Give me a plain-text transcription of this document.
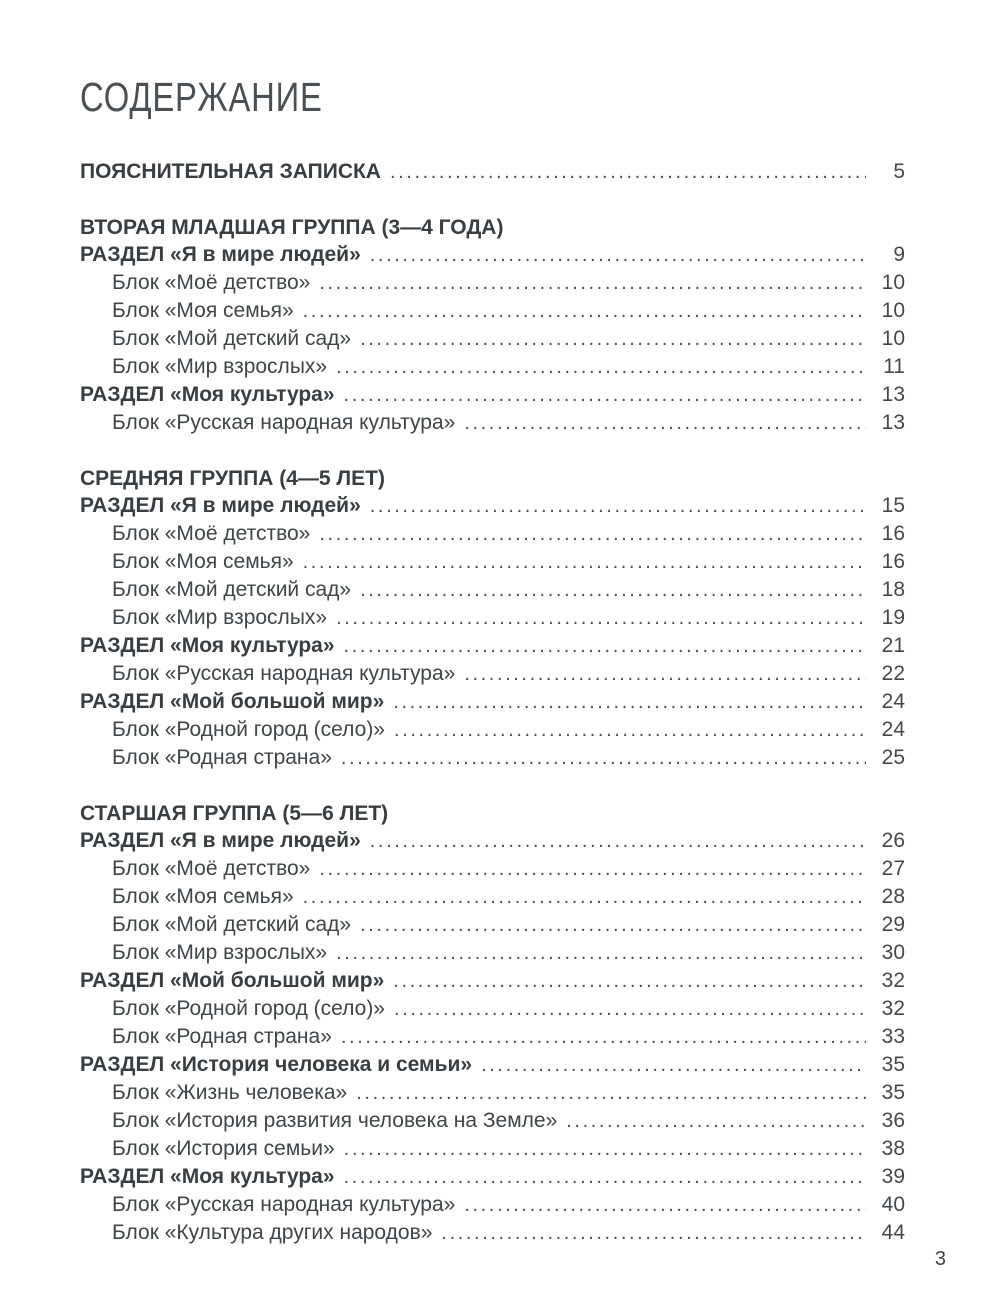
СОДЕРЖАНИЕ
ПОЯСНИТЕЛЬНАЯ ЗАПИСКА .....	5
ВТОРАЯ МЛАДШАЯ ГРУППА (3—4 ГОДА)
РАЗДЕЛ «Я в мире людей» .....	9
Блок «Моё детство» .....	10
Блок «Моя семья» .....	10
Блок «Мой детский сад» .....	10
Блок «Мир взрослых» .....	11
РАЗДЕЛ «Моя культура» .....	13
Блок «Русская народная культура» .....	13
СРЕДНЯЯ ГРУППА (4—5 ЛЕТ)
РАЗДЕЛ «Я в мире людей» .....	15
Блок «Моё детство» .....	16
Блок «Моя семья» .....	16
Блок «Мой детский сад» .....	18
Блок «Мир взрослых» .....	19
РАЗДЕЛ «Моя культура» .....	21
Блок «Русская народная культура» .....	22
РАЗДЕЛ «Мой большой мир» .....	24
Блок «Родной город (село)» .....	24
Блок «Родная страна» .....	25
СТАРШАЯ ГРУППА (5—6 ЛЕТ)
РАЗДЕЛ «Я в мире людей» .....	26
Блок «Моё детство» .....	27
Блок «Моя семья» .....	28
Блок «Мой детский сад» .....	29
Блок «Мир взрослых» .....	30
РАЗДЕЛ «Мой большой мир» .....	32
Блок «Родной город (село)» .....	32
Блок «Родная страна» .....	33
РАЗДЕЛ «История человека и семьи» .....	35
Блок «Жизнь человека» .....	35
Блок «История развития человека на Земле» .....	36
Блок «История семьи» .....	38
РАЗДЕЛ «Моя культура» .....	39
Блок «Русская народная культура» .....	40
Блок «Культура других народов» .....	44
3
